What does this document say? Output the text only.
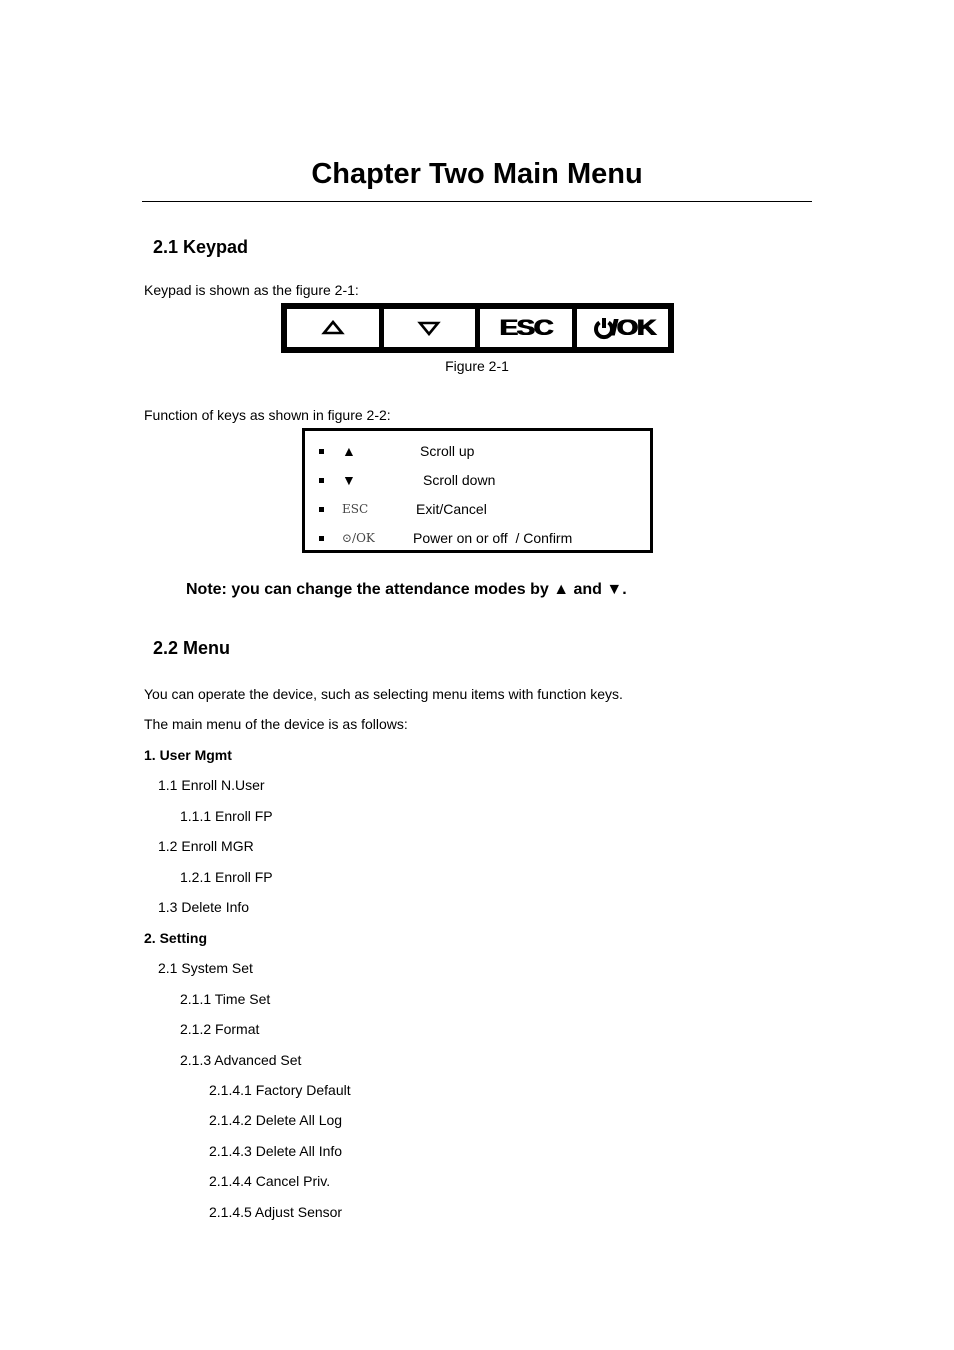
Chapter Two Main Menu
2.1 Keypad

Keypad is shown as the figure 2-1:

ESC	/OK
Figure 2-1

Function of keys as shown in figure 2-2:

▲	Scroll up
▼	Scroll down
ESC	Exit/Cancel
⊙/OK	Power on or off  / Confirm

Note: you can change the attendance modes by ▲ and ▼.

2.2 Menu

You can operate the device, such as selecting menu items with function keys.

The main menu of the device is as follows:

1. User Mgmt

1.1 Enroll N.User

1.1.1 Enroll FP

1.2 Enroll MGR

1.2.1 Enroll FP

1.3 Delete Info

2. Setting

2.1 System Set

2.1.1 Time Set

2.1.2 Format

2.1.3 Advanced Set

2.1.4.1 Factory Default

2.1.4.2 Delete All Log

2.1.4.3 Delete All Info

2.1.4.4 Cancel Priv.

2.1.4.5 Adjust Sensor
